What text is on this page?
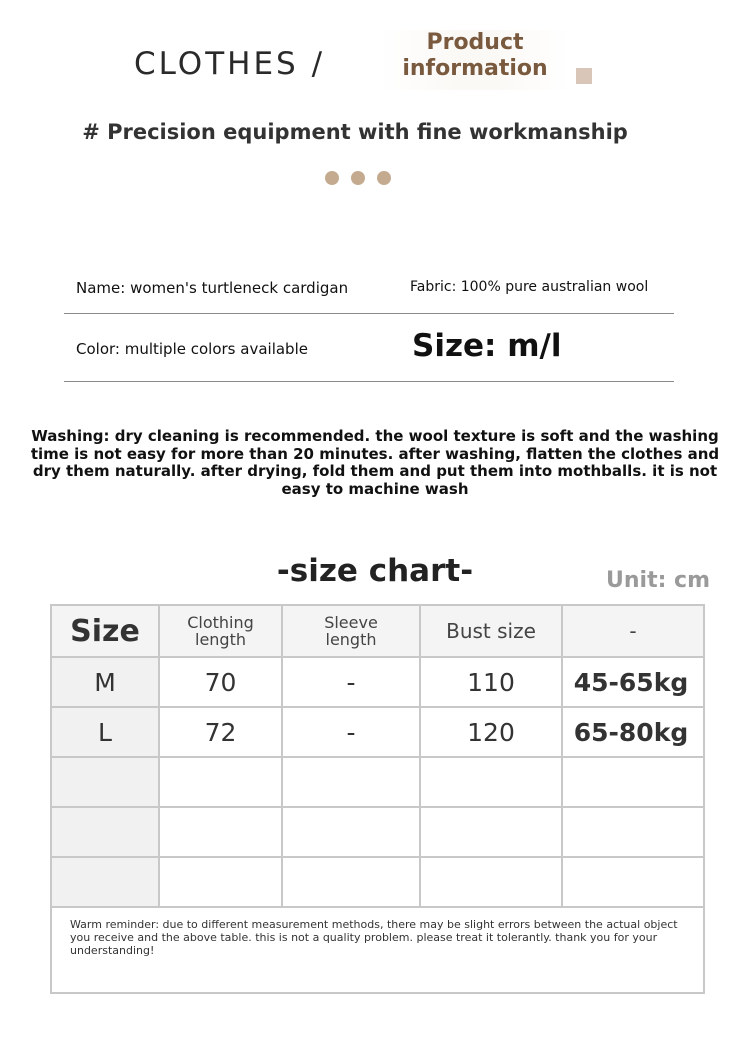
CLOTHES /
Product
information
# Precision equipment with fine workmanship
Name: women's turtleneck cardigan	Fabric: 100% pure australian wool
Color: multiple colors available	Size: m/l
Washing: dry cleaning is recommended. the wool texture is soft and the washing time is not easy for more than 20 minutes. after washing, flatten the clothes and dry them naturally. after drying, fold them and put them into mothballs. it is not easy to machine wash
-size chart-	Unit: cm
Size	Clothing length	Sleeve length	Bust size	-
M	70	-	110	45-65kg
L	72	-	120	65-80kg

Warm reminder: due to different measurement methods, there may be slight errors between the actual object you receive and the above table. this is not a quality problem. please treat it tolerantly. thank you for your understanding!				
